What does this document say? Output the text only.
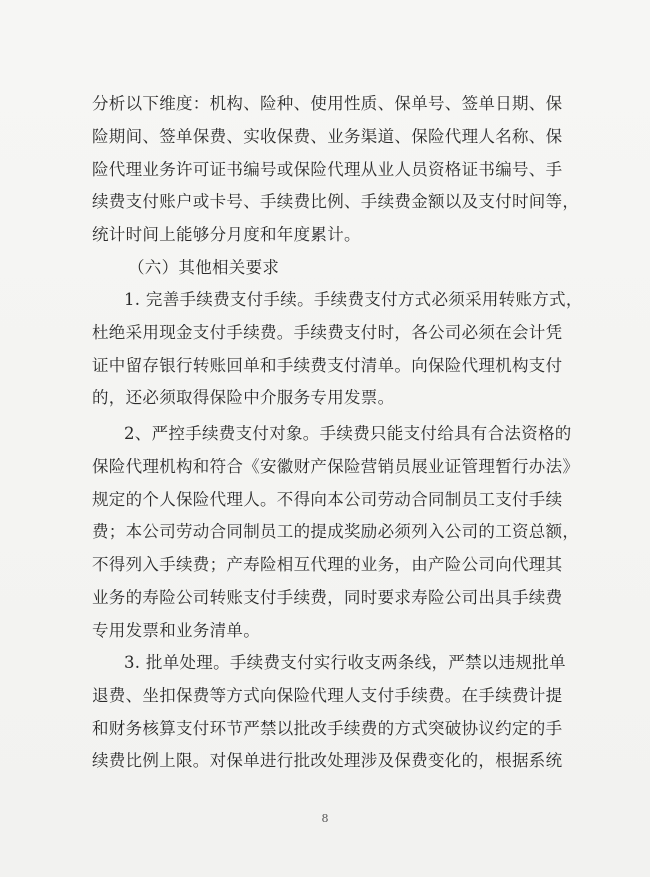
分析以下维度：机构、险种、使用性质、保单号、签单日期、保
险期间、签单保费、实收保费、业务渠道、保险代理人名称、保
险代理业务许可证书编号或保险代理从业人员资格证书编号、手
续费支付账户或卡号、手续费比例、手续费金额以及支付时间等，
统计时间上能够分月度和年度累计。
（六）其他相关要求
1. 完善手续费支付手续。手续费支付方式必须采用转账方式，
杜绝采用现金支付手续费。手续费支付时，各公司必须在会计凭
证中留存银行转账回单和手续费支付清单。向保险代理机构支付
的，还必须取得保险中介服务专用发票。
2、严控手续费支付对象。手续费只能支付给具有合法资格的
保险代理机构和符合《安徽财产保险营销员展业证管理暂行办法》
规定的个人保险代理人。不得向本公司劳动合同制员工支付手续
费；本公司劳动合同制员工的提成奖励必须列入公司的工资总额，
不得列入手续费；产寿险相互代理的业务，由产险公司向代理其
业务的寿险公司转账支付手续费，同时要求寿险公司出具手续费
专用发票和业务清单。
3. 批单处理。手续费支付实行收支两条线，严禁以违规批单
退费、坐扣保费等方式向保险代理人支付手续费。在手续费计提
和财务核算支付环节严禁以批改手续费的方式突破协议约定的手
续费比例上限。对保单进行批改处理涉及保费变化的，根据系统
8
